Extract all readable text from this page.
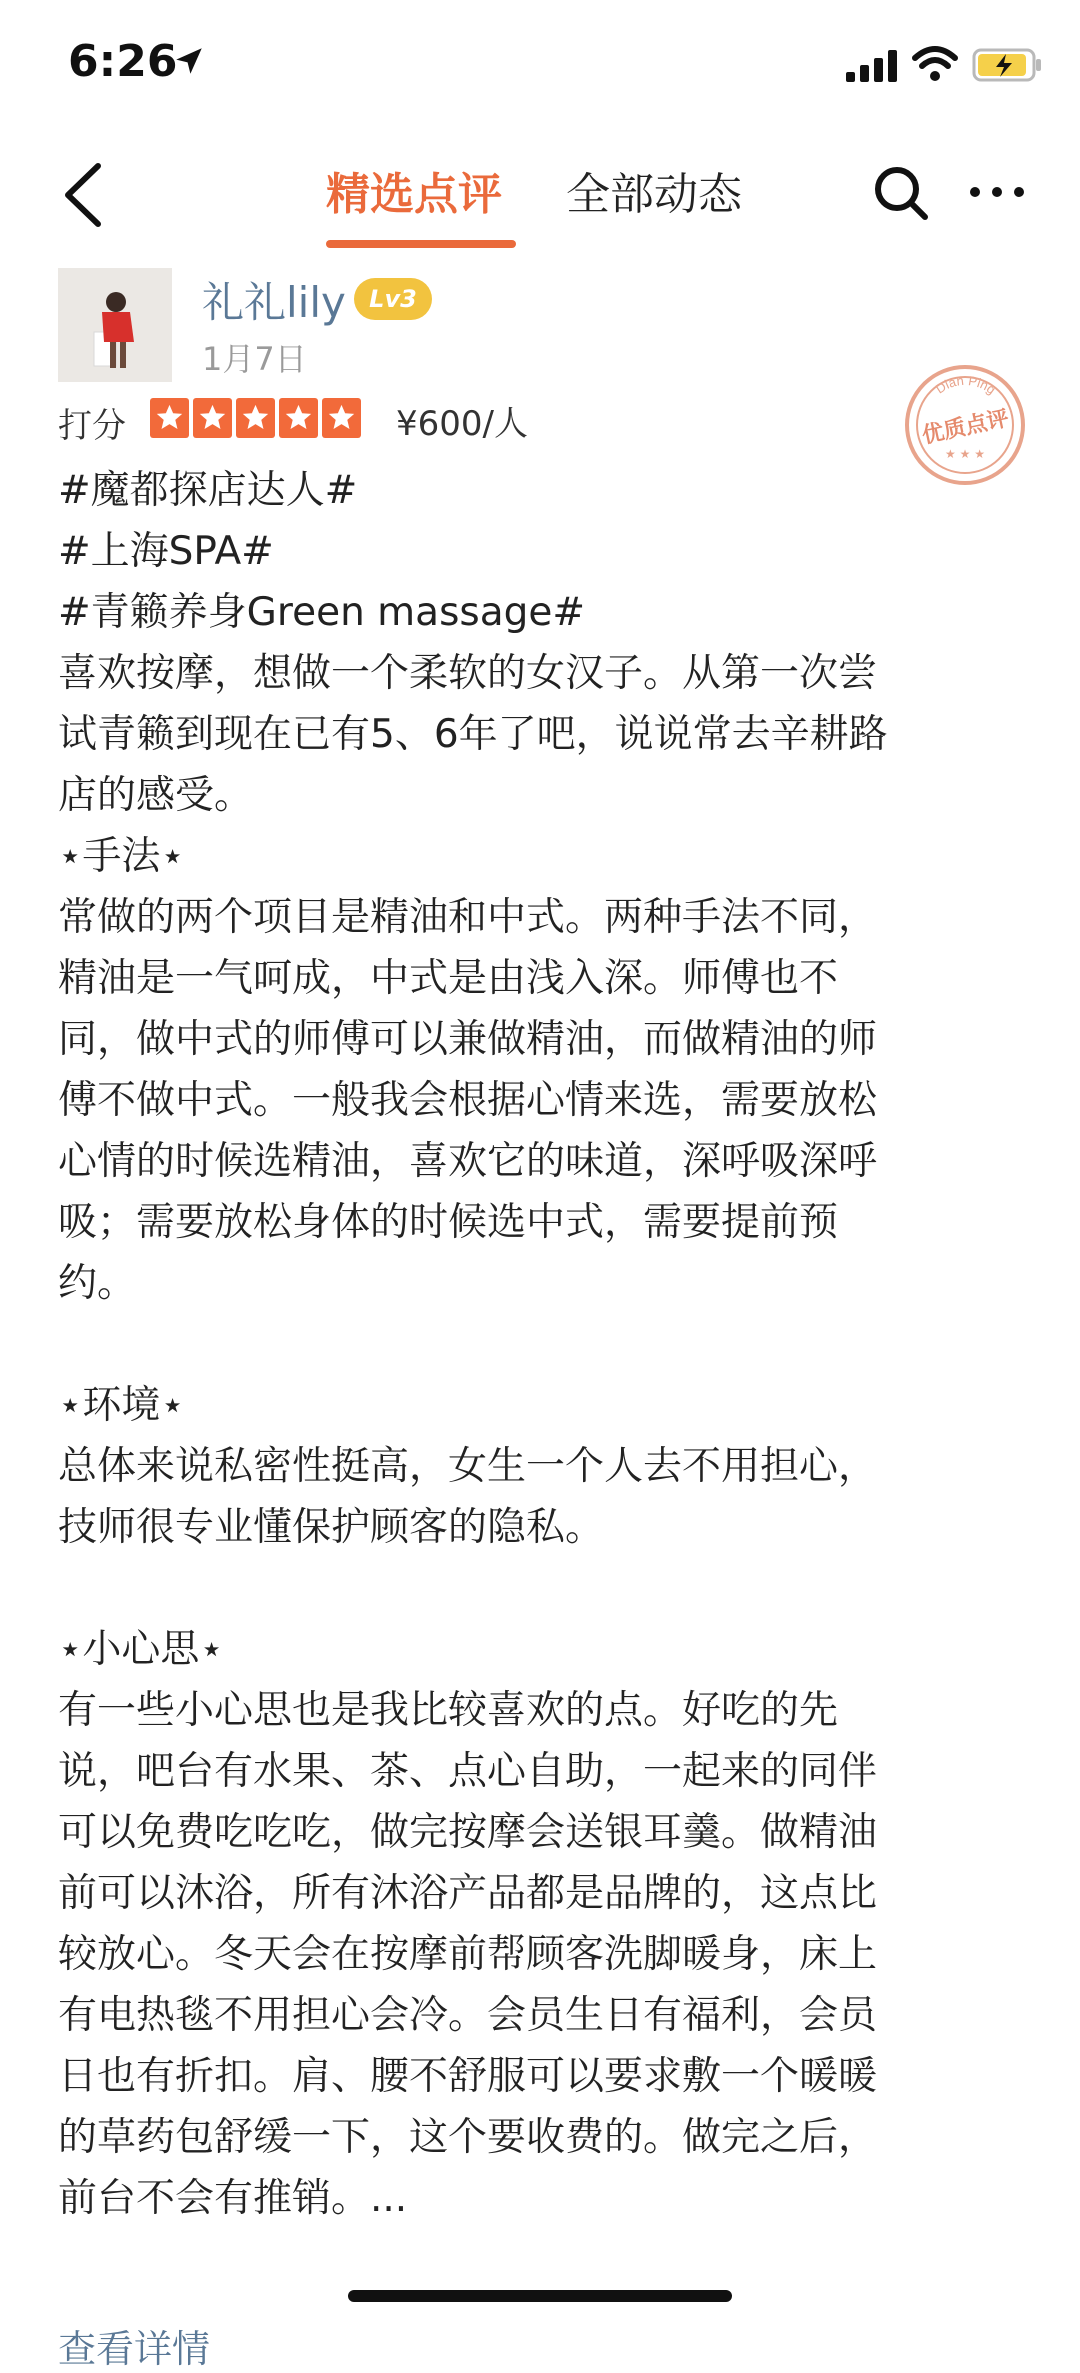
6:26
精选点评 全部动态
礼礼lily Lv3
1月7日
Dian Ping
优质点评
★ ★ ★
打分	¥600/人
#魔都探店达人#
#上海SPA#
#青籁养身Green massage#
喜欢按摩，想做一个柔软的女汉子。从第一次尝
试青籁到现在已有5、6年了吧，说说常去辛耕路
店的感受。
⋆手法⋆
常做的两个项目是精油和中式。两种手法不同，
精油是一气呵成，中式是由浅入深。师傅也不
同，做中式的师傅可以兼做精油，而做精油的师
傅不做中式。一般我会根据心情来选，需要放松
心情的时候选精油，喜欢它的味道，深呼吸深呼
吸；需要放松身体的时候选中式，需要提前预
约。
⋆环境⋆
总体来说私密性挺高，女生一个人去不用担心，
技师很专业懂保护顾客的隐私。
⋆小心思⋆
有一些小心思也是我比较喜欢的点。好吃的先
说，吧台有水果、茶、点心自助，一起来的同伴
可以免费吃吃吃，做完按摩会送银耳羹。做精油
前可以沐浴，所有沐浴产品都是品牌的，这点比
较放心。冬天会在按摩前帮顾客洗脚暖身，床上
有电热毯不用担心会冷。会员生日有福利，会员
日也有折扣。肩、腰不舒服可以要求敷一个暖暖
的草药包舒缓一下，这个要收费的。做完之后，
前台不会有推销。...
查看详情
